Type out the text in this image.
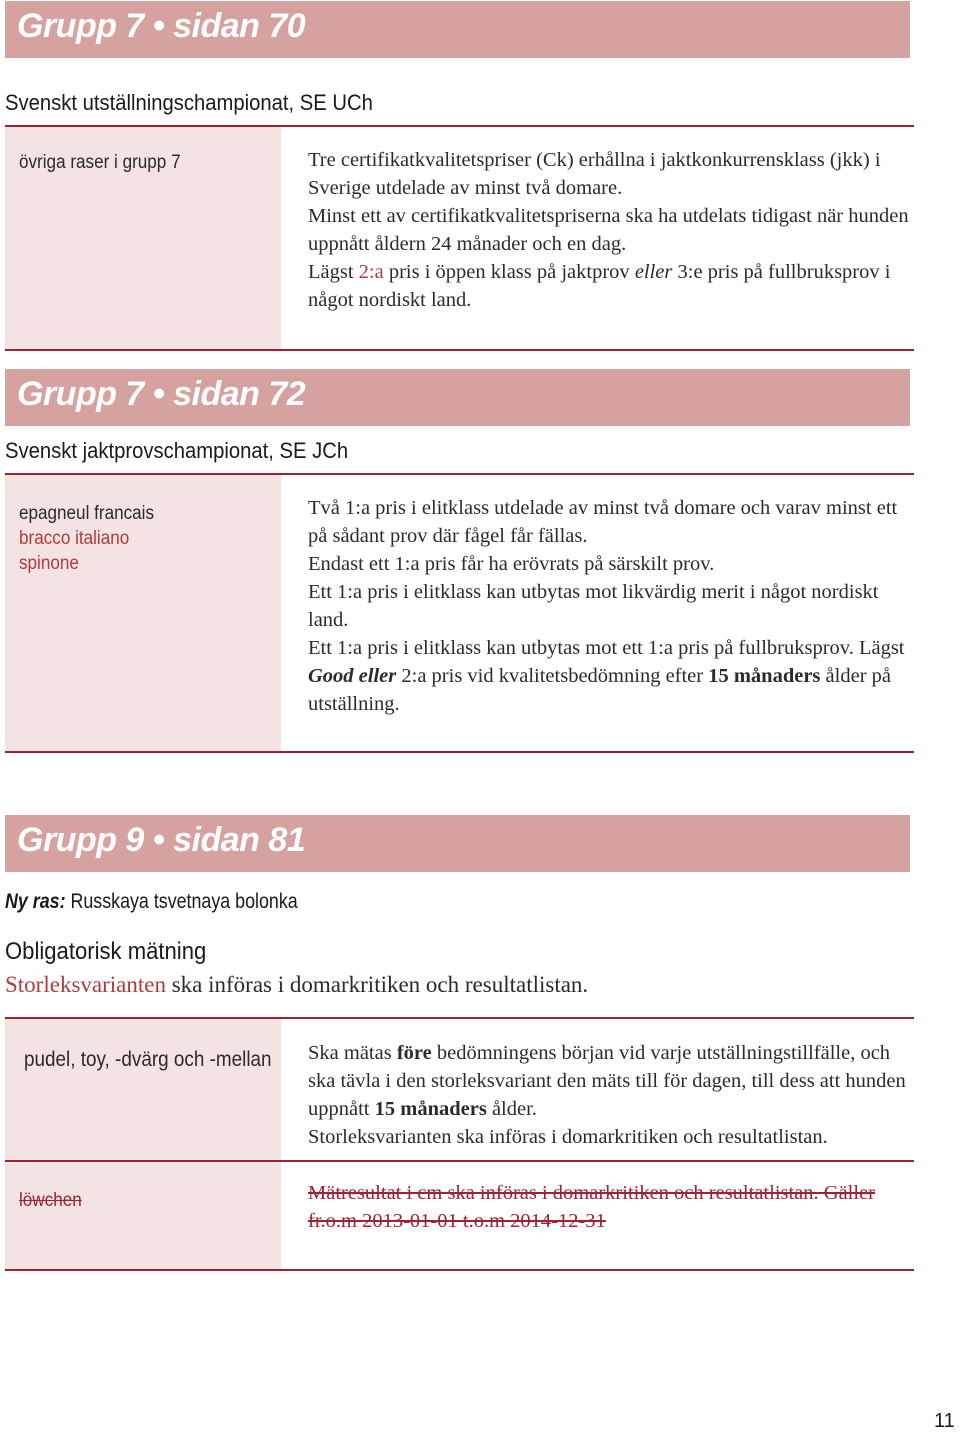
Grupp 7 • sidan 70
Svenskt utställningschampionat, SE UCh
övriga raser i grupp 7	Tre certifikatkvalitetspriser (Ck) erhållna i jaktkonkurrensklass (jkk) i Sverige utdelade av minst två domare.

Minst ett av certifikatkvalitetspriserna ska ha utdelats tidigast när hunden uppnått åldern 24 månader och en dag.

Lägst 2:a pris i öppen klass på jaktprov eller 3:e pris på fullbruksprov i något nordiskt land.

Grupp 7 • sidan 72
Svenskt jaktprovschampionat, SE JCh
epagneul francais
bracco italiano
spinone

Två 1:a pris i elitklass utdelade av minst två domare och varav minst ett på sådant prov där fågel får fällas.

Endast ett 1:a pris får ha erövrats på särskilt prov.

Ett 1:a pris i elitklass kan utbytas mot likvärdig merit i något nordiskt land.

Ett 1:a pris i elitklass kan utbytas mot ett 1:a pris på fullbruksprov. Lägst Good eller 2:a pris vid kvalitetsbedömning efter 15 månaders ålder på utställning.

Grupp 9 • sidan 81
Ny ras: Russkaya tsvetnaya bolonka
Obligatorisk mätning
Storleksvarianten ska införas i domarkritiken och resultatlistan.
pudel, toy, -dvärg och -mellan Ska mätas före bedömningens början vid varje utställningstillfälle, och ska tävla i den storleksvariant den mäts till för dagen, till dess att hunden uppnått 15 månaders ålder.

Storleksvarianten ska införas i domarkritiken och resultatlistan.

löwchen	Mätresultat i cm ska införas i domarkritiken och resultatlistan. Gäller fr.o.m 2013-01-01 t.o.m 2014-12-31

11
